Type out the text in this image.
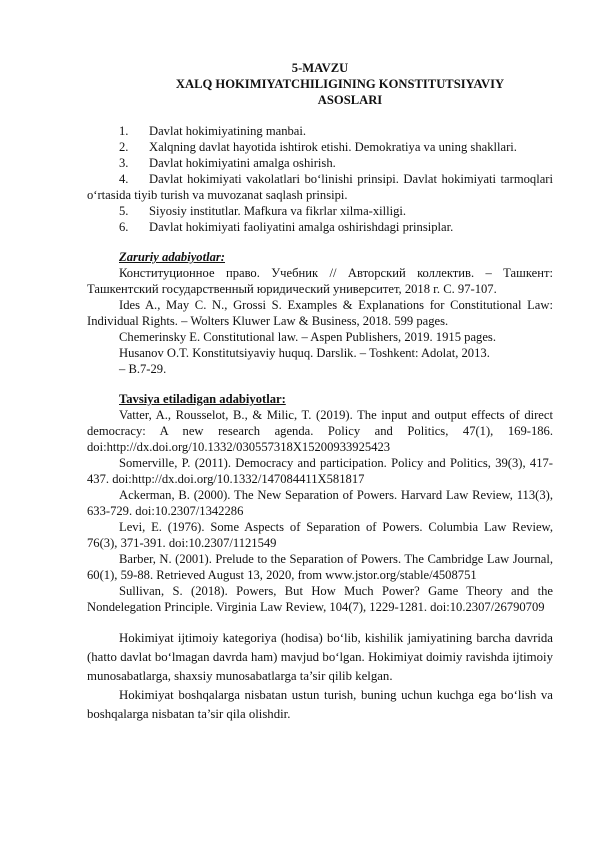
5-MAVZU
XALQ HOKIMIYATCHILIGINING KONSTITUTSIYAVIY
ASOSLARI
1. Davlat hokimiyatining manbai.
2. Xalqning davlat hayotida ishtirok etishi. Demokratiya va uning shakllari.
3. Davlat hokimiyatini amalga oshirish.
4. Davlat hokimiyati vakolatlari bo‘linishi prinsipi. Davlat hokimiyati tarmoqlari o‘rtasida tiyib turish va muvozanat saqlash prinsipi.
5. Siyosiy institutlar. Mafkura va fikrlar xilma-xilligi.
6. Davlat hokimiyati faoliyatini amalga oshirishdagi prinsiplar.
Zaruriy adabiyotlar:
Конституционное право. Учебник // Авторский коллектив. – Ташкент: Ташкентский государственный юридический университет, 2018 г. С. 97-107.
Ides A., May C. N., Grossi S. Examples & Explanations for Constitutional Law: Individual Rights. – Wolters Kluwer Law & Business, 2018. 599 pages.
Chemerinsky E. Constitutional law. – Aspen Publishers, 2019. 1915 pages.
Husanov O.T. Konstitutsiyaviy huquq. Darslik. – Toshkent: Adolat, 2013.
– B.7-29.
Tavsiya etiladigan adabiyotlar:
Vatter, A., Rousselot, B., & Milic, T. (2019). The input and output effects of direct democracy: A new research agenda. Policy and Politics, 47(1), 169-186. doi:http://dx.doi.org/10.1332/030557318X15200933925423
Somerville, P. (2011). Democracy and participation. Policy and Politics, 39(3), 417-437. doi:http://dx.doi.org/10.1332/147084411X581817
Ackerman, B. (2000). The New Separation of Powers. Harvard Law Review, 113(3), 633-729. doi:10.2307/1342286
Levi, E. (1976). Some Aspects of Separation of Powers. Columbia Law Review, 76(3), 371-391. doi:10.2307/1121549
Barber, N. (2001). Prelude to the Separation of Powers. The Cambridge Law Journal, 60(1), 59-88. Retrieved August 13, 2020, from www.jstor.org/stable/4508751
Sullivan, S. (2018). Powers, But How Much Power? Game Theory and the Nondelegation Principle. Virginia Law Review, 104(7), 1229-1281. doi:10.2307/26790709
Hokimiyat ijtimoiy kategoriya (hodisa) bo‘lib, kishilik jamiyatining barcha davrida (hatto davlat bo‘lmagan davrda ham) mavjud bo‘lgan. Hokimiyat doimiy ravishda ijtimoiy munosabatlarga, shaxsiy munosabatlarga ta’sir qilib kelgan.
Hokimiyat boshqalarga nisbatan ustun turish, buning uchun kuchga ega bo‘lish va boshqalarga nisbatan ta’sir qila olishdir.
